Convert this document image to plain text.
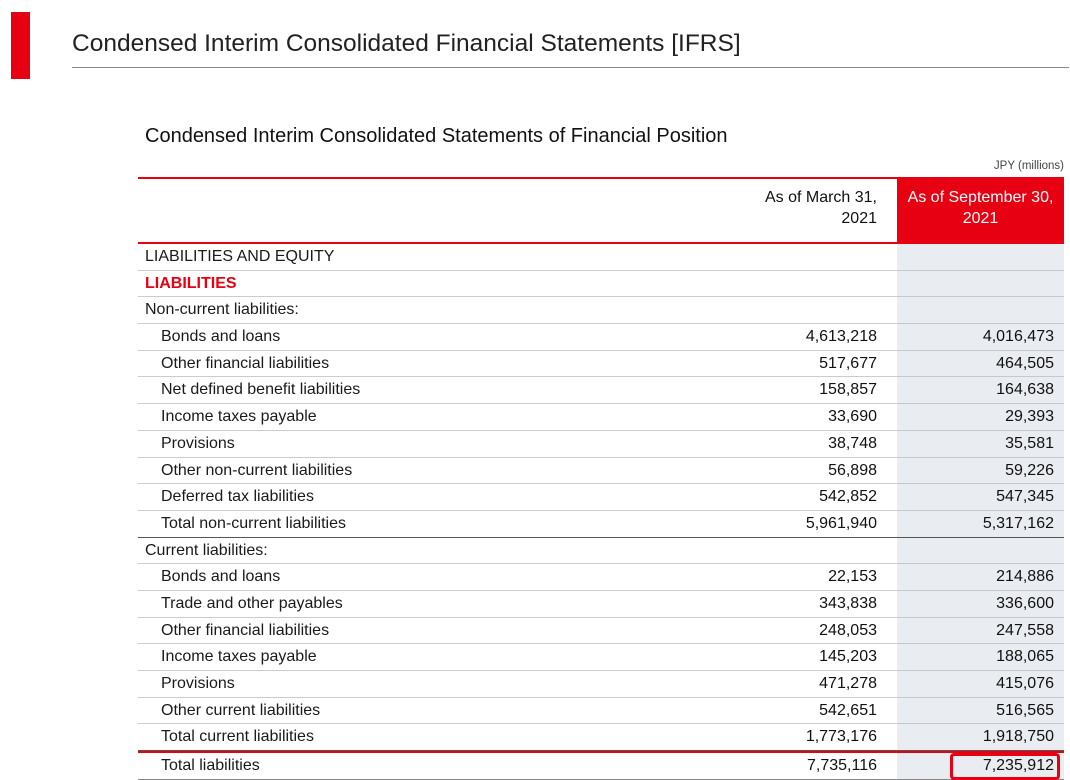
Condensed Interim Consolidated Financial Statements [IFRS]
Condensed Interim Consolidated Statements of Financial Position
JPY (millions)
As of March 31,
2021
As of September 30,
2021
LIABILITIES AND EQUITY
LIABILITIES
Non-current liabilities:
Bonds and loans	4,613,218	4,016,473
Other financial liabilities	517,677	464,505
Net defined benefit liabilities	158,857	164,638
Income taxes payable	33,690	29,393
Provisions	38,748	35,581
Other non-current liabilities	56,898	59,226
Deferred tax liabilities	542,852	547,345
Total non-current liabilities	5,961,940	5,317,162
Current liabilities:
Bonds and loans	22,153	214,886
Trade and other payables	343,838	336,600
Other financial liabilities	248,053	247,558
Income taxes payable	145,203	188,065
Provisions	471,278	415,076
Other current liabilities	542,651	516,565
Total current liabilities	1,773,176	1,918,750
Total liabilities	7,735,116	7,235,912
